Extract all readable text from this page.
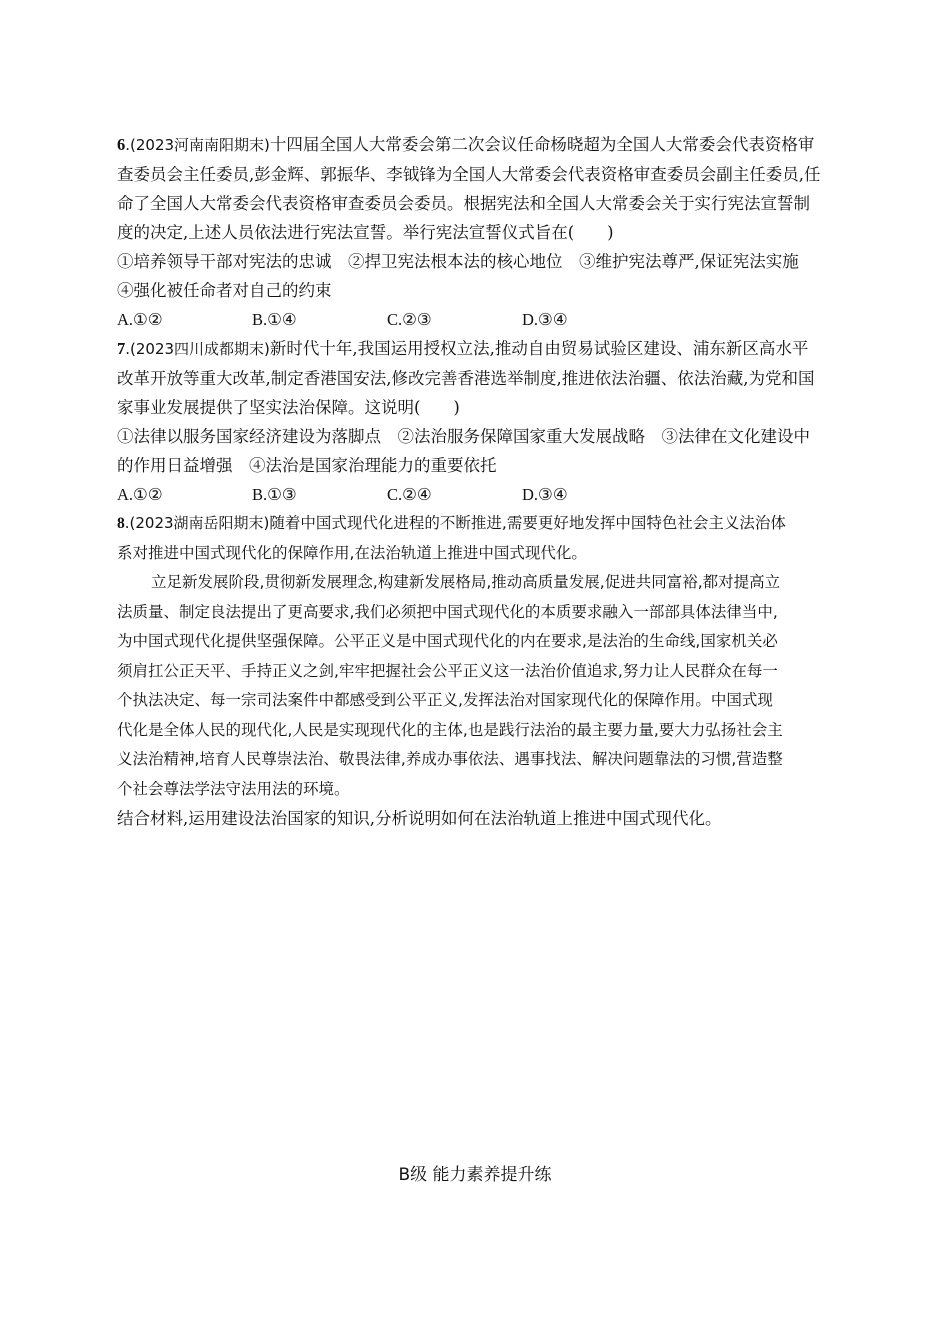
6.(2023河南南阳期末)十四届全国人大常委会第二次会议任命杨晓超为全国人大常委会代表资格审
查委员会主任委员,彭金辉、郭振华、李钺锋为全国人大常委会代表资格审查委员会副主任委员,任
命了全国人大常委会代表资格审查委员会委员。根据宪法和全国人大常委会关于实行宪法宣誓制
度的决定,上述人员依法进行宪法宣誓。举行宪法宣誓仪式旨在(　　)
①培养领导干部对宪法的忠诚　②捍卫宪法根本法的核心地位　③维护宪法尊严,保证宪法实施
④强化被任命者对自己的约束
A.①②	B.①④	C.②③	D.③④
7.(2023四川成都期末)新时代十年,我国运用授权立法,推动自由贸易试验区建设、浦东新区高水平
改革开放等重大改革,制定香港国安法,修改完善香港选举制度,推进依法治疆、依法治藏,为党和国
家事业发展提供了坚实法治保障。这说明(　　)
①法律以服务国家经济建设为落脚点　②法治服务保障国家重大发展战略　③法律在文化建设中
的作用日益增强　④法治是国家治理能力的重要依托
A.①②	B.①③	C.②④	D.③④
8.(2023湖南岳阳期末)随着中国式现代化进程的不断推进,需要更好地发挥中国特色社会主义法治体
系对推进中国式现代化的保障作用,在法治轨道上推进中国式现代化。
立足新发展阶段,贯彻新发展理念,构建新发展格局,推动高质量发展,促进共同富裕,都对提高立
法质量、制定良法提出了更高要求,我们必须把中国式现代化的本质要求融入一部部具体法律当中,
为中国式现代化提供坚强保障。公平正义是中国式现代化的内在要求,是法治的生命线,国家机关必
须肩扛公正天平、手持正义之剑,牢牢把握社会公平正义这一法治价值追求,努力让人民群众在每一
个执法决定、每一宗司法案件中都感受到公平正义,发挥法治对国家现代化的保障作用。中国式现
代化是全体人民的现代化,人民是实现现代化的主体,也是践行法治的最主要力量,要大力弘扬社会主
义法治精神,培育人民尊崇法治、敬畏法律,养成办事依法、遇事找法、解决问题靠法的习惯,营造整
个社会尊法学法守法用法的环境。
结合材料,运用建设法治国家的知识,分析说明如何在法治轨道上推进中国式现代化。
B级 能力素养提升练
